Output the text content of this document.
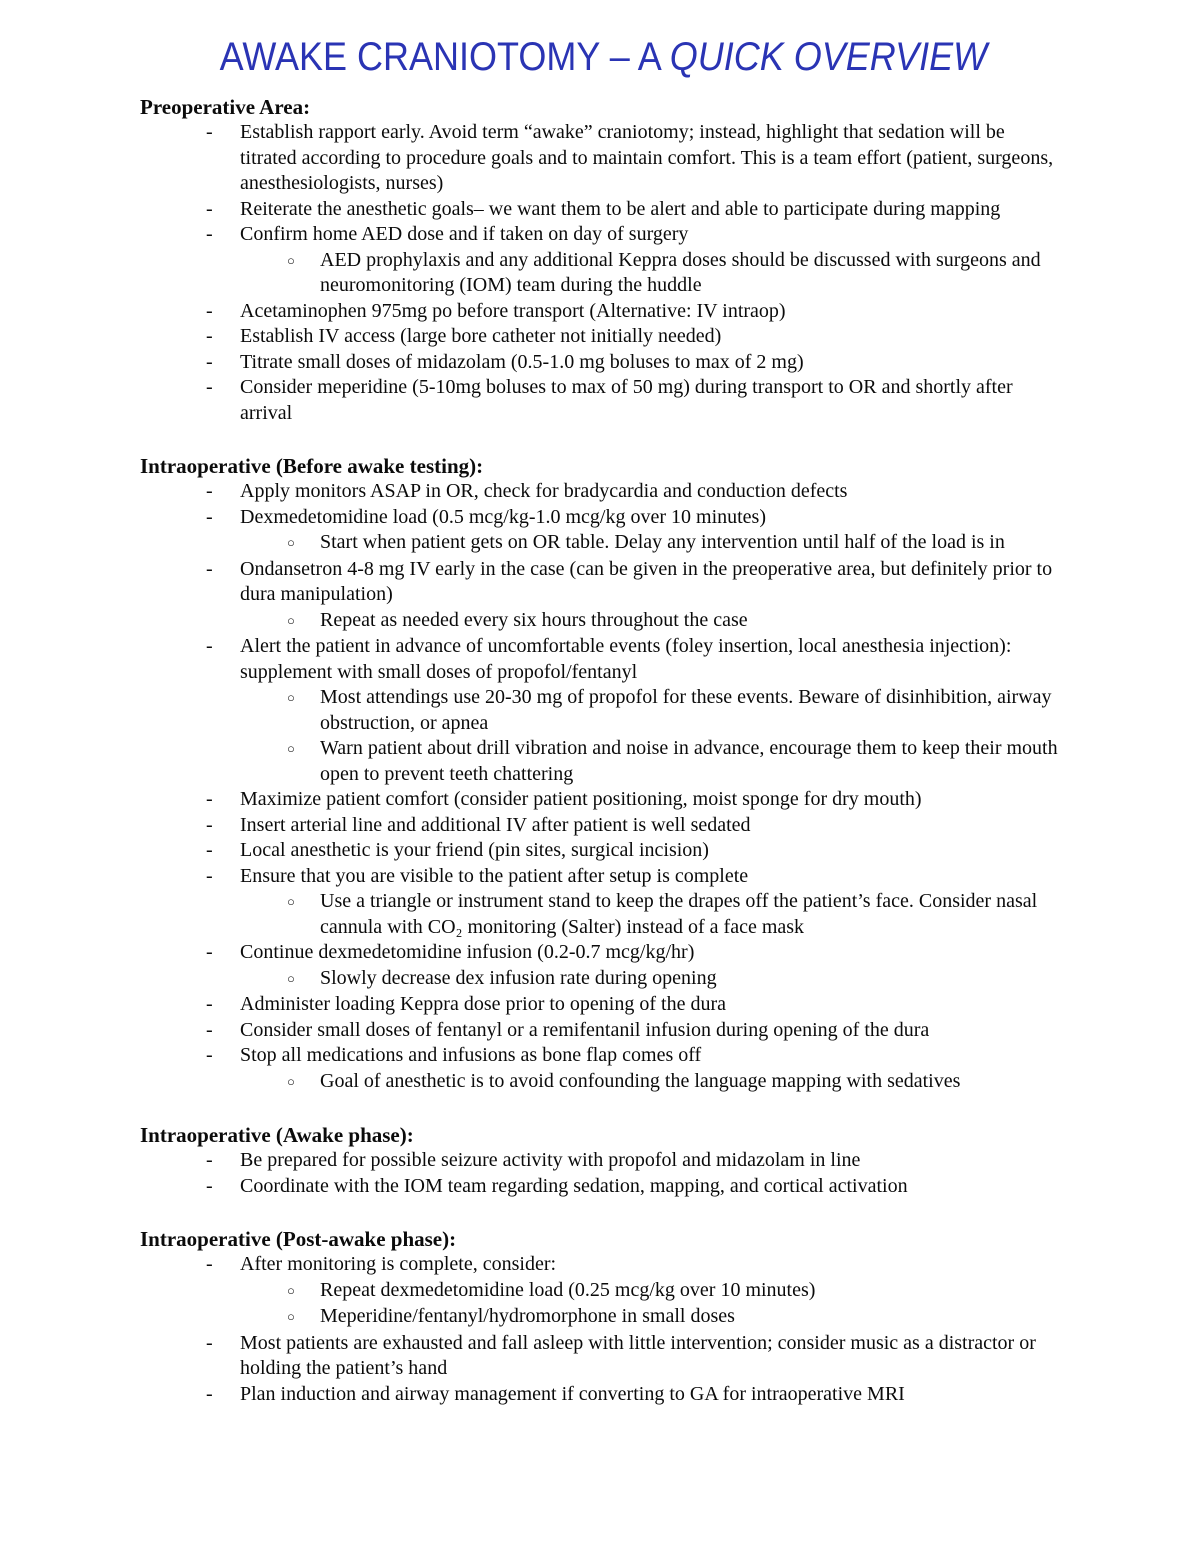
AWAKE CRANIOTOMY – A QUICK OVERVIEW
Preoperative Area:
-	Establish rapport early. Avoid term “awake” craniotomy; instead, highlight that sedation will be titrated according to procedure goals and to maintain comfort. This is a team effort (patient, surgeons, anesthesiologists, nurses)
-	Reiterate the anesthetic goals– we want them to be alert and able to participate during mapping
-	Confirm home AED dose and if taken on day of surgery
○	AED prophylaxis and any additional Keppra doses should be discussed with surgeons and neuromonitoring (IOM) team during the huddle
-	Acetaminophen 975mg po before transport (Alternative: IV intraop)
-	Establish IV access (large bore catheter not initially needed)
-	Titrate small doses of midazolam (0.5-1.0 mg boluses to max of 2 mg)
-	Consider meperidine (5-10mg boluses to max of 50 mg) during transport to OR and shortly after arrival
Intraoperative (Before awake testing):
-	Apply monitors ASAP in OR, check for bradycardia and conduction defects
-	Dexmedetomidine load (0.5 mcg/kg-1.0 mcg/kg over 10 minutes)
○	Start when patient gets on OR table. Delay any intervention until half of the load is in
-	Ondansetron 4-8 mg IV early in the case (can be given in the preoperative area, but definitely prior to dura manipulation)
○	Repeat as needed every six hours throughout the case
-	Alert the patient in advance of uncomfortable events (foley insertion, local anesthesia injection): supplement with small doses of propofol/fentanyl
○	Most attendings use 20-30 mg of propofol for these events. Beware of disinhibition, airway obstruction, or apnea
○	Warn patient about drill vibration and noise in advance, encourage them to keep their mouth open to prevent teeth chattering
-	Maximize patient comfort (consider patient positioning, moist sponge for dry mouth)
-	Insert arterial line and additional IV after patient is well sedated
-	Local anesthetic is your friend (pin sites, surgical incision)
-	Ensure that you are visible to the patient after setup is complete
○	Use a triangle or instrument stand to keep the drapes off the patient’s face. Consider nasal cannula with CO₂ monitoring (Salter) instead of a face mask
-	Continue dexmedetomidine infusion (0.2-0.7 mcg/kg/hr)
○	Slowly decrease dex infusion rate during opening
-	Administer loading Keppra dose prior to opening of the dura
-	Consider small doses of fentanyl or a remifentanil infusion during opening of the dura
-	Stop all medications and infusions as bone flap comes off
○	Goal of anesthetic is to avoid confounding the language mapping with sedatives
Intraoperative (Awake phase):
-	Be prepared for possible seizure activity with propofol and midazolam in line
-	Coordinate with the IOM team regarding sedation, mapping, and cortical activation
Intraoperative (Post-awake phase):
-	After monitoring is complete, consider:
○	Repeat dexmedetomidine load (0.25 mcg/kg over 10 minutes)
○	Meperidine/fentanyl/hydromorphone in small doses
-	Most patients are exhausted and fall asleep with little intervention; consider music as a distractor or holding the patient’s hand
-	Plan induction and airway management if converting to GA for intraoperative MRI
